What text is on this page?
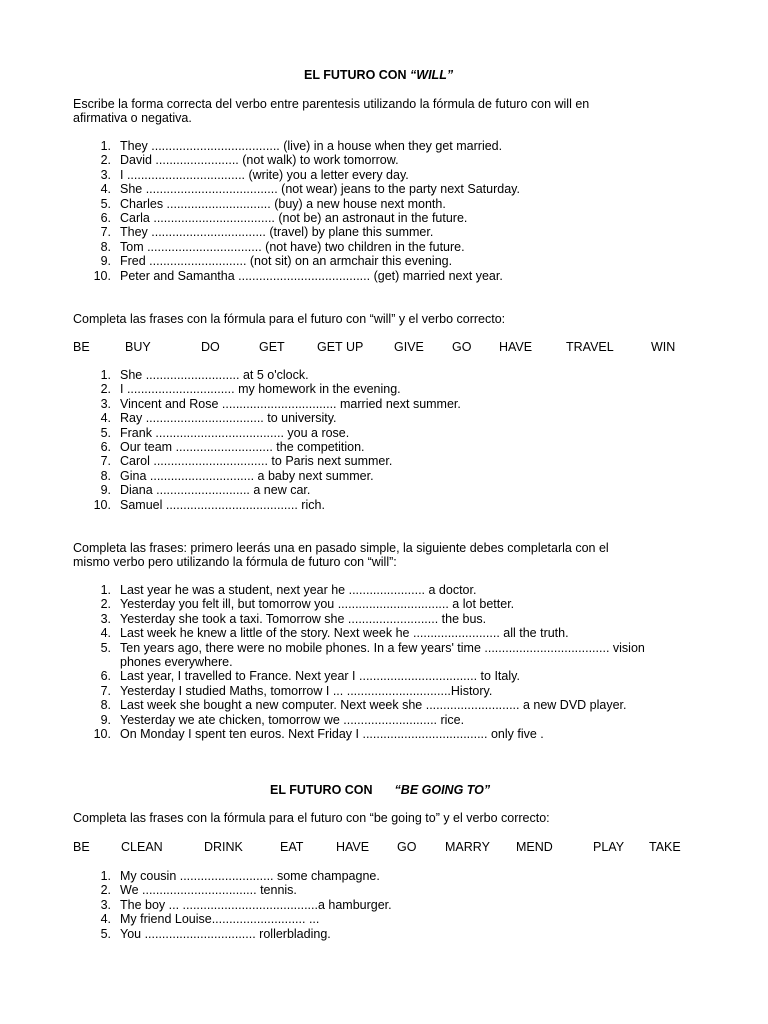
EL FUTURO CON “WILL”
Escribe la forma correcta del verbo entre parentesis utilizando la fórmula de futuro con will en
afirmativa o negativa.
1. They ..................................... (live) in a house when they get married.
2. David ........................ (not walk) to work tomorrow.
3. I .................................. (write) you a letter every day.
4. She ...................................... (not wear) jeans to the party next Saturday.
5. Charles .............................. (buy) a new house next month.
6. Carla ................................... (not be) an astronaut in the future.
7. They ................................. (travel) by plane this summer.
8. Tom ................................. (not have) two children in the future.
9. Fred ............................ (not sit) on an armchair this evening.
10. Peter and Samantha ...................................... (get) married next year.
Completa las frases con la fórmula para el futuro con “will” y el verbo correcto:
BE	BUY	DO	GET	GET UP GIVE GO HAVE	TRAVEL	WIN
1. She ........................... at 5 o'clock.
2. I ............................... my homework in the evening.
3. Vincent and Rose ................................. married next summer.
4. Ray .................................. to university.
5. Frank ..................................... you a rose.
6. Our team ............................ the competition.
7. Carol ................................. to Paris next summer.
8. Gina .............................. a baby next summer.
9. Diana ........................... a new car.
10. Samuel ...................................... rich.
Completa las frases: primero leerás una en pasado simple, la siguiente debes completarla con el
mismo verbo pero utilizando la fórmula de futuro con “will”:
1. Last year he was a student, next year he ...................... a doctor.
2. Yesterday you felt ill, but tomorrow you ................................ a lot better.
3. Yesterday she took a taxi. Tomorrow she .......................... the bus.
4. Last week he knew a little of the story. Next week he ......................... all the truth.
5. Ten years ago, there were no mobile phones. In a few years' time .................................... vision
6. Last year, I travelled to France. Next year I .................................. to Italy.
7. Yesterday I studied Maths, tomorrow I ... ..............................History.
8. Last week she bought a new computer. Next week she ........................... a new DVD player.
9. Yesterday we ate chicken, tomorrow we ........................... rice.
10. On Monday I spent ten euros. Next Friday I .................................... only five .
phones everywhere.
EL FUTURO CON “BE GOING TO”
Completa las frases con la fórmula para el futuro con “be going to” y el verbo correcto:
BE	CLEAN	DRINK	EAT	HAVE GO MARRY MEND	PLAY TAKE
1. My cousin ........................... some champagne.
2. We ................................. tennis.
3. The boy ... .......................................a hamburger.
4. My friend Louise........................... ...
5. You ................................ rollerblading.
